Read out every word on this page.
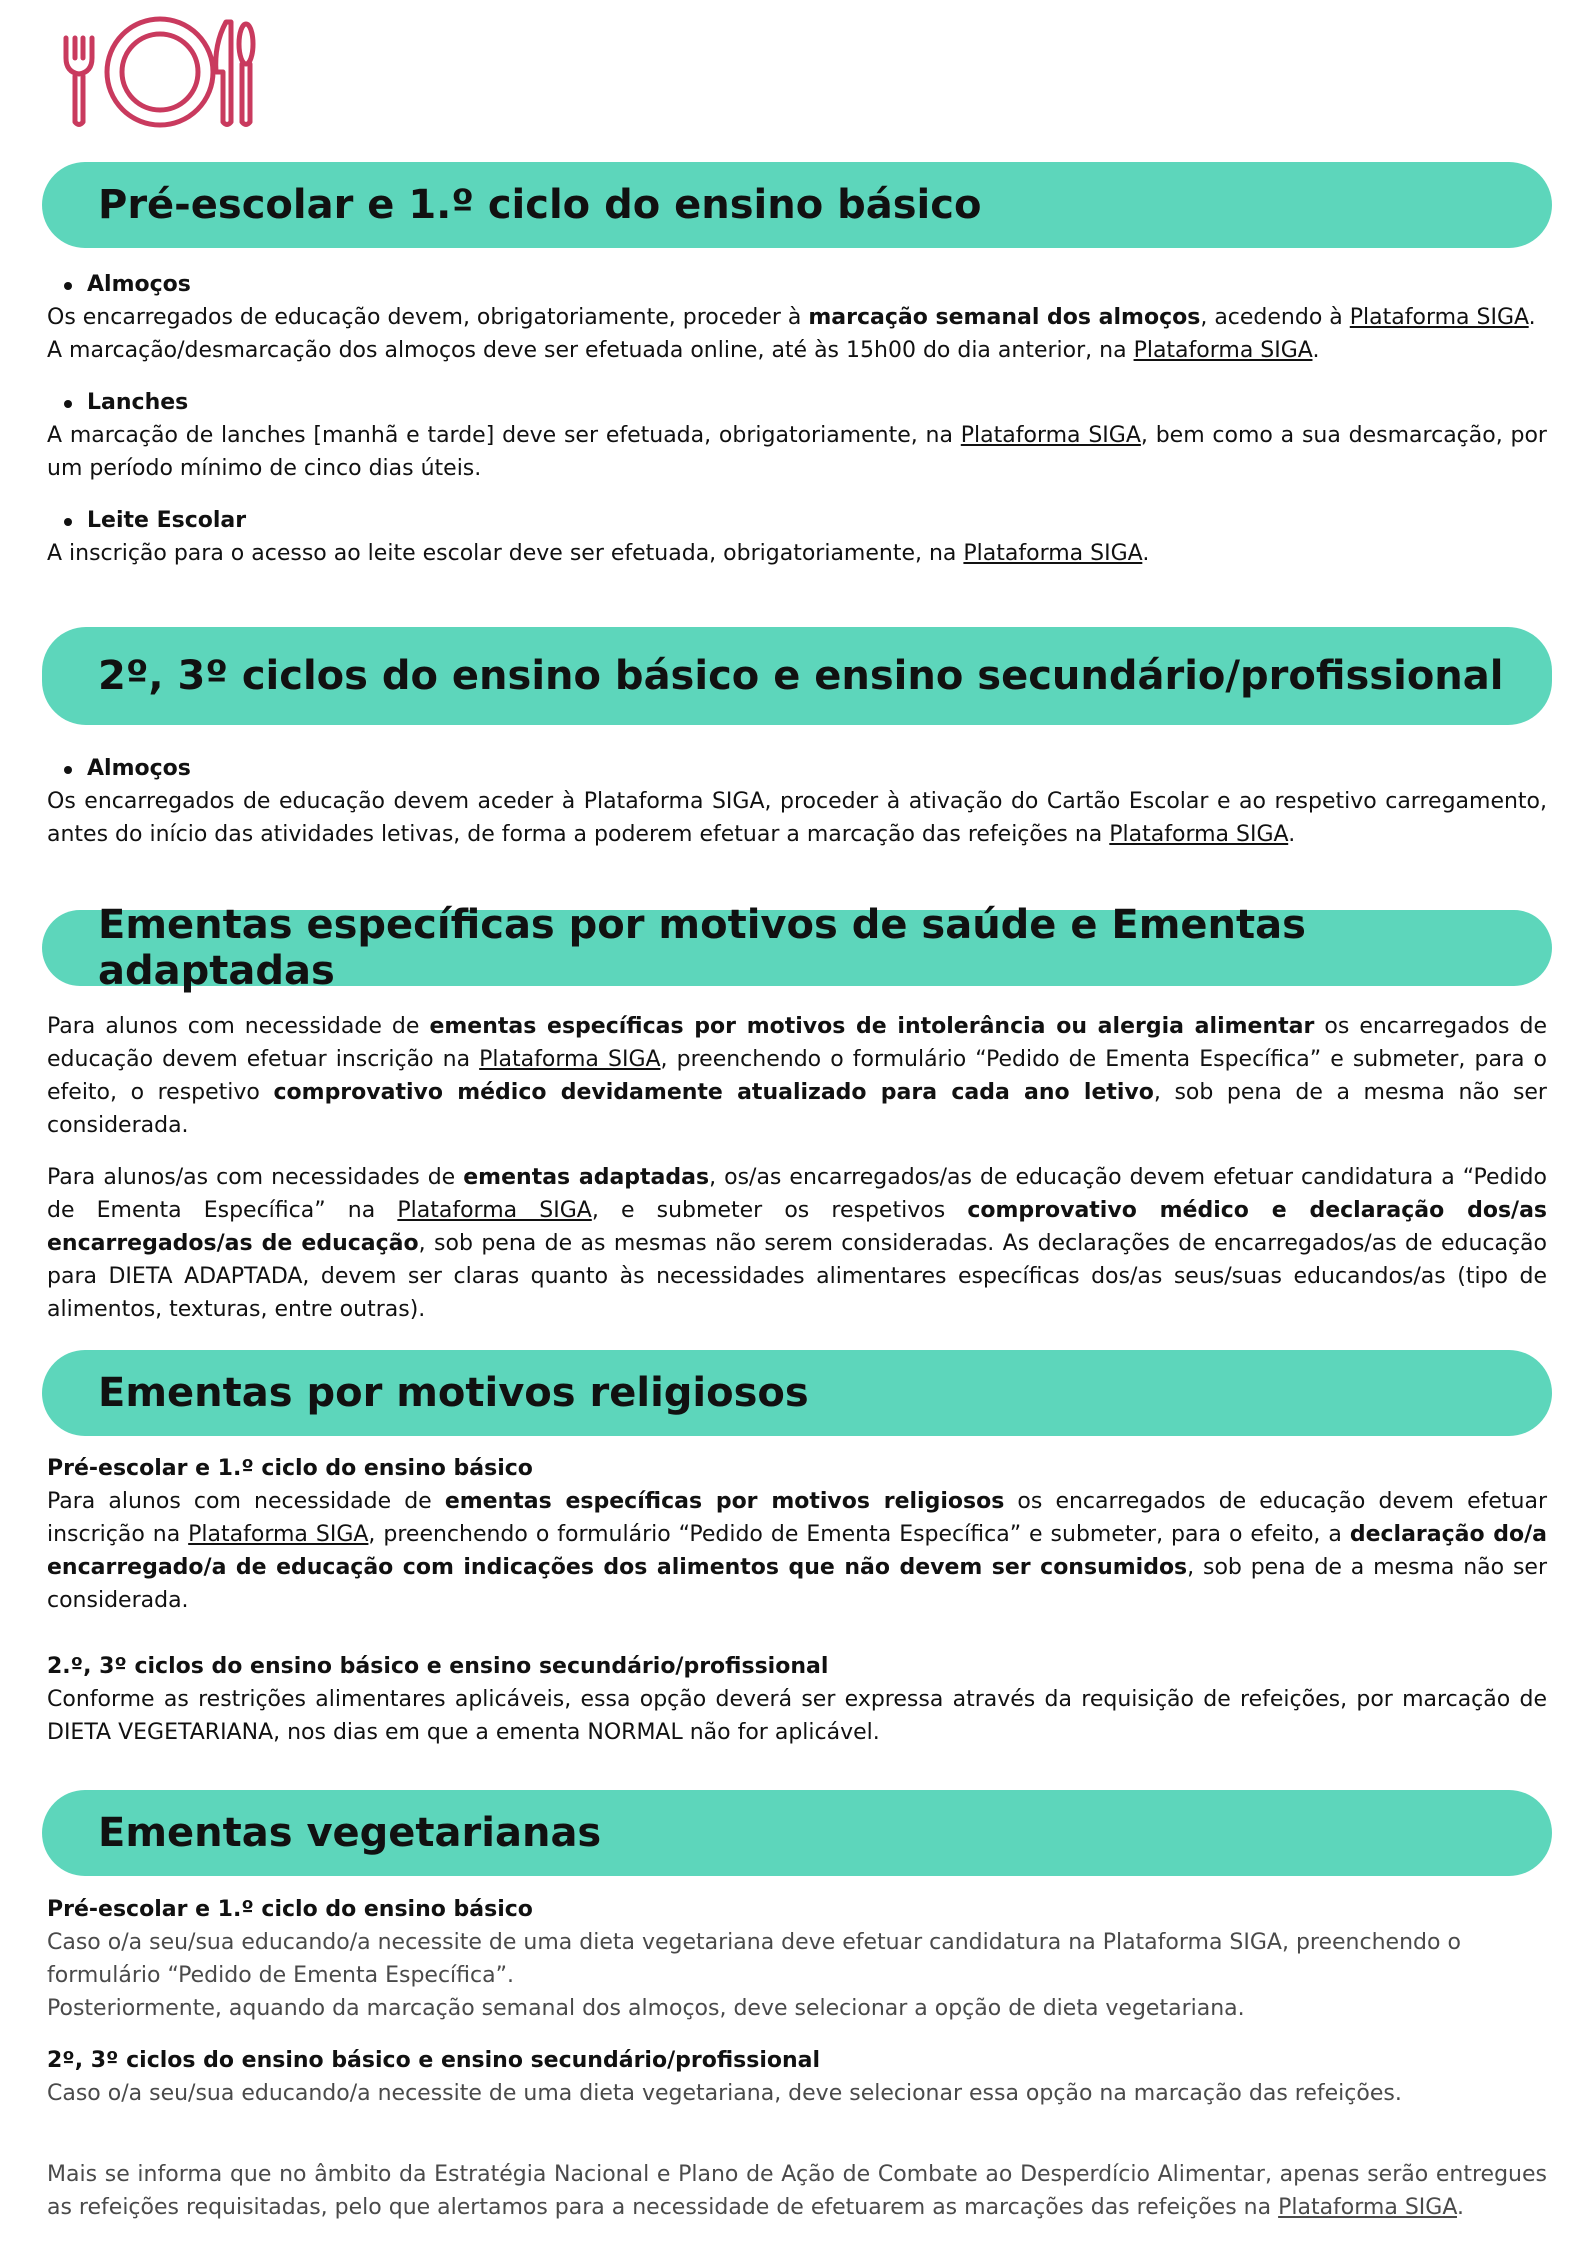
Pré-escolar e 1.º ciclo do ensino básico

Almoços

Os encarregados de educação devem, obrigatoriamente, proceder à marcação semanal dos almoços, acedendo à Plataforma SIGA. A marcação/desmarcação dos almoços deve ser efetuada online, até às 15h00 do dia anterior, na Plataforma SIGA.

Lanches

A marcação de lanches [manhã e tarde] deve ser efetuada, obrigatoriamente, na Plataforma SIGA, bem como a sua desmarcação, por um período mínimo de cinco dias úteis.

Leite Escolar

A inscrição para o acesso ao leite escolar deve ser efetuada, obrigatoriamente, na Plataforma SIGA.

2º, 3º ciclos do ensino básico e ensino secundário/profissional

Almoços

Os encarregados de educação devem aceder à Plataforma SIGA, proceder à ativação do Cartão Escolar e ao respetivo carregamento, antes do início das atividades letivas, de forma a poderem efetuar a marcação das refeições na Plataforma SIGA.

Ementas específicas por motivos de saúde e Ementas adaptadas

Para alunos com necessidade de ementas específicas por motivos de intolerância ou alergia alimentar os encarregados de educação devem efetuar inscrição na Plataforma SIGA, preenchendo o formulário “Pedido de Ementa Específica” e submeter, para o efeito, o respetivo comprovativo médico devidamente atualizado para cada ano letivo, sob pena de a mesma não ser considerada.

Para alunos/as com necessidades de ementas adaptadas, os/as encarregados/as de educação devem efetuar candidatura a “Pedido de Ementa Específica” na Plataforma SIGA, e submeter os respetivos comprovativo médico e declaração dos/as encarregados/as de educação, sob pena de as mesmas não serem consideradas. As declarações de encarregados/as de educação para DIETA ADAPTADA, devem ser claras quanto às necessidades alimentares específicas dos/as seus/suas educandos/as (tipo de alimentos, texturas, entre outras).

Ementas por motivos religiosos

Pré-escolar e 1.º ciclo do ensino básico

Para alunos com necessidade de ementas específicas por motivos religiosos os encarregados de educação devem efetuar inscrição na Plataforma SIGA, preenchendo o formulário “Pedido de Ementa Específica” e submeter, para o efeito, a declaração do/a encarregado/a de educação com indicações dos alimentos que não devem ser consumidos, sob pena de a mesma não ser considerada.

2.º, 3º ciclos do ensino básico e ensino secundário/profissional

Conforme as restrições alimentares aplicáveis, essa opção deverá ser expressa através da requisição de refeições, por marcação de DIETA VEGETARIANA, nos dias em que a ementa NORMAL não for aplicável.

Ementas vegetarianas

Pré-escolar e 1.º ciclo do ensino básico

Caso o/a seu/sua educando/a necessite de uma dieta vegetariana deve efetuar candidatura na Plataforma SIGA, preenchendo o formulário “Pedido de Ementa Específica”.

Posteriormente, aquando da marcação semanal dos almoços, deve selecionar a opção de dieta vegetariana.

2º, 3º ciclos do ensino básico e ensino secundário/profissional

Caso o/a seu/sua educando/a necessite de uma dieta vegetariana, deve selecionar essa opção na marcação das refeições.

Mais se informa que no âmbito da Estratégia Nacional e Plano de Ação de Combate ao Desperdício Alimentar, apenas serão entregues as refeições requisitadas, pelo que alertamos para a necessidade de efetuarem as marcações das refeições na Plataforma SIGA.
